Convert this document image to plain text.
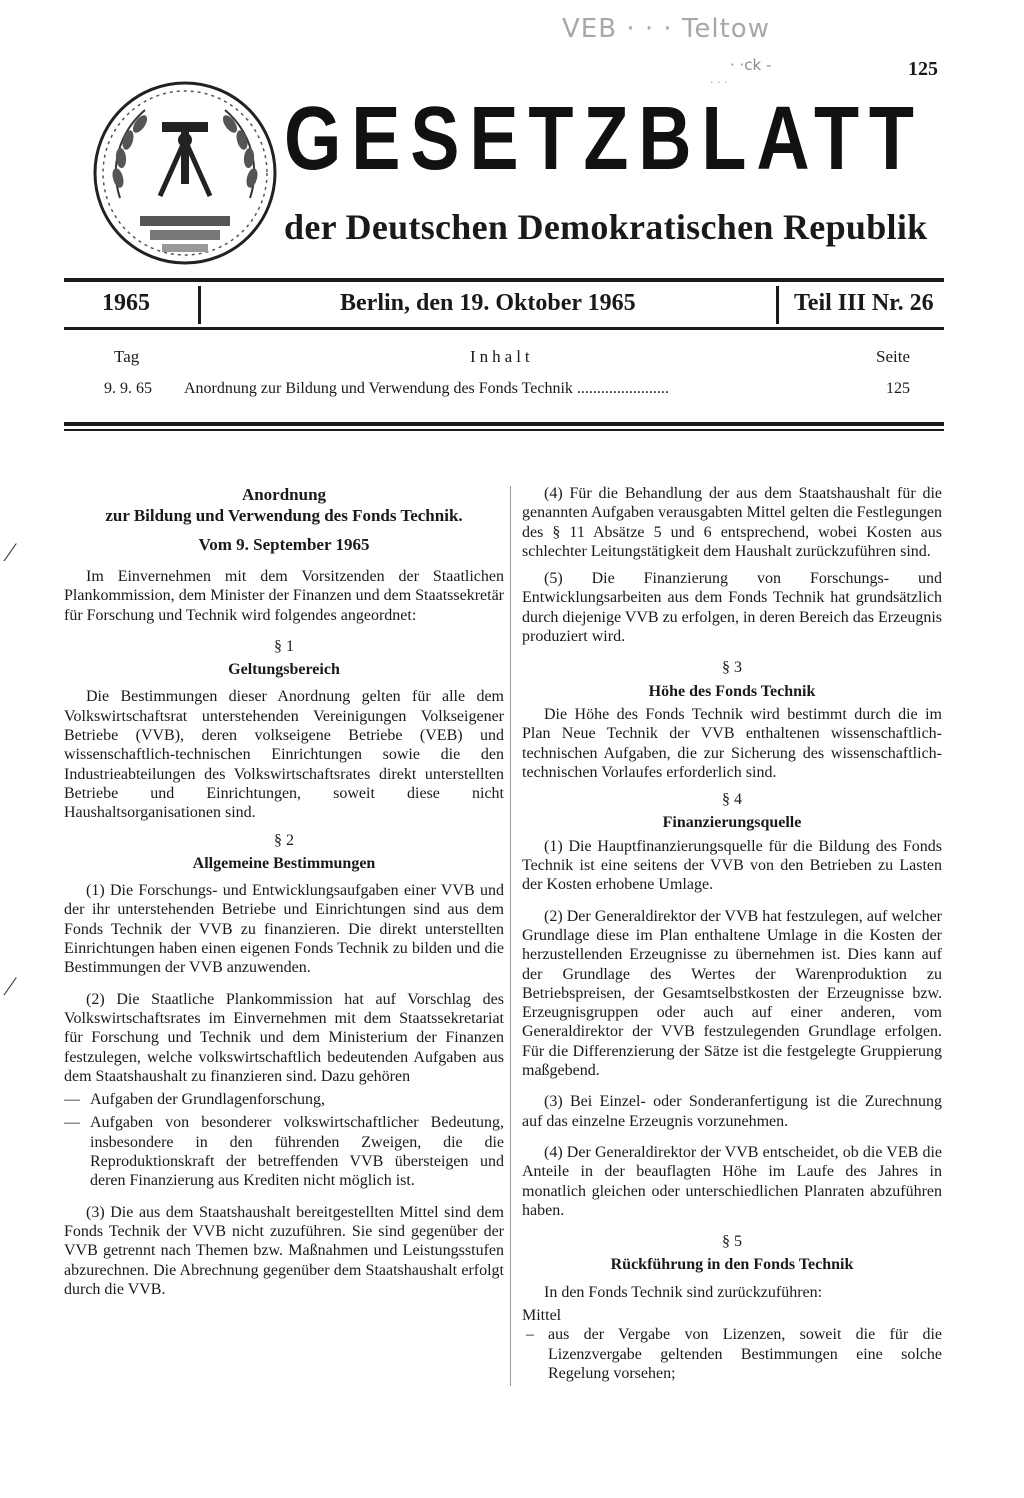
VEB · · · Teltow
· ·ck -
· · ·
125
GESETZBLATT
der Deutschen Demokratischen Republik
1965	Berlin, den 19. Oktober 1965	Teil III Nr. 26
Tag	Inhalt	Seite
9. 9. 65 Anordnung zur Bildung und Verwendung des Fonds Technik .......................	125
⁄
⁄

Anordnung

zur Bildung und Verwendung des Fonds Technik.

Vom 9. September 1965

Im Einvernehmen mit dem Vorsitzenden der Staatlichen Plankommission, dem Minister der Finanzen und dem Staatssekretär für Forschung und Technik wird folgendes angeordnet:

§ 1

Geltungsbereich

Die Bestimmungen dieser Anordnung gelten für alle dem Volkswirtschaftsrat unterstehenden Vereinigungen Volkseigener Betriebe (VVB), deren volkseigene Betriebe (VEB) und wissenschaftlich-technischen Einrichtungen sowie die den Industrieabteilungen des Volkswirtschaftsrates direkt unterstellten Betriebe und Einrichtungen, soweit diese nicht Haushaltsorganisationen sind.

§ 2

Allgemeine Bestimmungen

(1) Die Forschungs- und Entwicklungsaufgaben einer VVB und der ihr unterstehenden Betriebe und Einrichtungen sind aus dem Fonds Technik der VVB zu finanzieren. Die direkt unterstellten Einrichtungen haben einen eigenen Fonds Technik zu bilden und die Bestimmungen der VVB anzuwenden.

(2) Die Staatliche Plankommission hat auf Vorschlag des Volkswirtschaftsrates im Einvernehmen mit dem Staatssekretariat für Forschung und Technik und dem Ministerium der Finanzen festzulegen, welche volkswirtschaftlich bedeutenden Aufgaben aus dem Staatshaushalt zu finanzieren sind. Dazu gehören

— Aufgaben der Grundlagenforschung,
— Aufgaben von besonderer volkswirtschaftlicher Bedeutung, insbesondere in den führenden Zweigen, die die Reproduktionskraft der betreffenden VVB übersteigen und deren Finanzierung aus Krediten nicht möglich ist.

(3) Die aus dem Staatshaushalt bereitgestellten Mittel sind dem Fonds Technik der VVB nicht zuzuführen. Sie sind gegenüber der VVB getrennt nach Themen bzw. Maßnahmen und Leistungsstufen abzurechnen. Die Abrechnung gegenüber dem Staatshaushalt erfolgt durch die VVB.

(4) Für die Behandlung der aus dem Staatshaushalt für die genannten Aufgaben verausgabten Mittel gelten die Festlegungen des § 11 Absätze 5 und 6 entsprechend, wobei Kosten aus schlechter Leitungstätigkeit dem Haushalt zurückzuführen sind.

(5) Die Finanzierung von Forschungs- und Entwicklungsarbeiten aus dem Fonds Technik hat grundsätzlich durch diejenige VVB zu erfolgen, in deren Bereich das Erzeugnis produziert wird.

§ 3

Höhe des Fonds Technik

Die Höhe des Fonds Technik wird bestimmt durch die im Plan Neue Technik der VVB enthaltenen wissenschaftlich-technischen Aufgaben, die zur Sicherung des wissenschaftlich-technischen Vorlaufes erforderlich sind.

§ 4

Finanzierungsquelle

(1) Die Hauptfinanzierungsquelle für die Bildung des Fonds Technik ist eine seitens der VVB von den Betrieben zu Lasten der Kosten erhobene Umlage.

(2) Der Generaldirektor der VVB hat festzulegen, auf welcher Grundlage diese im Plan enthaltene Umlage in die Kosten der herzustellenden Erzeugnisse zu übernehmen ist. Dies kann auf der Grundlage des Wertes der Warenproduktion zu Betriebspreisen, der Gesamtselbstkosten der Erzeugnisse bzw. Erzeugnisgruppen oder auch auf einer anderen, vom Generaldirektor der VVB festzulegenden Grundlage erfolgen. Für die Differenzierung der Sätze ist die festgelegte Gruppierung maßgebend.

(3) Bei Einzel- oder Sonderanfertigung ist die Zurechnung auf das einzelne Erzeugnis vorzunehmen.

(4) Der Generaldirektor der VVB entscheidet, ob die VEB die Anteile in der beauflagten Höhe im Laufe des Jahres in monatlich gleichen oder unterschiedlichen Planraten abzuführen haben.

§ 5

Rückführung in den Fonds Technik

In den Fonds Technik sind zurückzuführen:

Mittel

– aus der Vergabe von Lizenzen, soweit die für die Lizenzvergabe geltenden Bestimmungen eine solche Regelung vorsehen;
